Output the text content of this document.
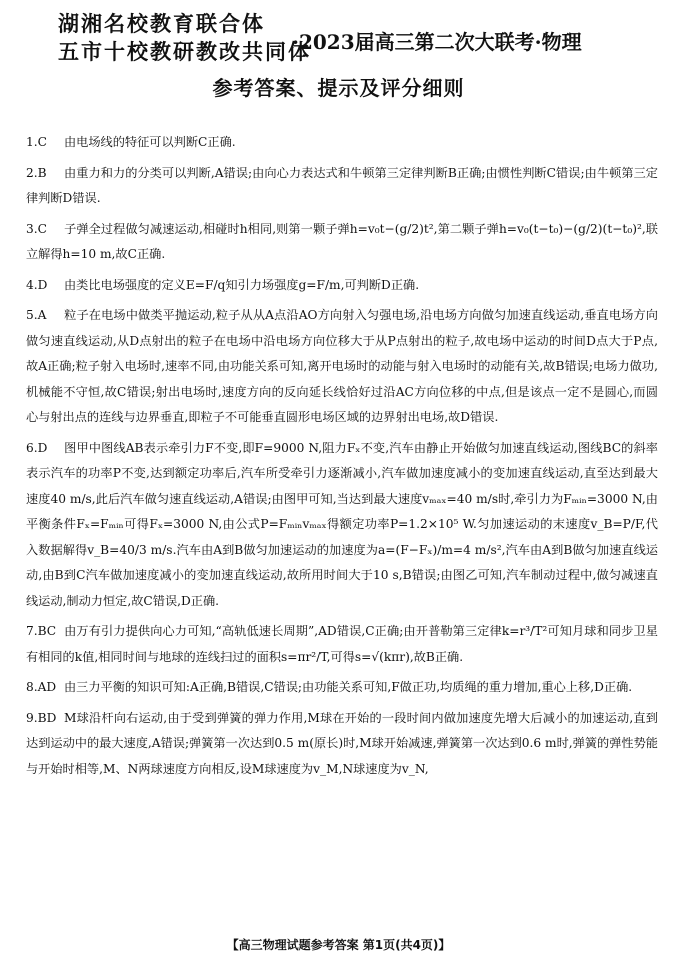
湖湘名校教育联合体
五市十校教研教改共同体
·2023届高三第二次大联考·物理
参考答案、提示及评分细则
1.C 由电场线的特征可以判断C正确.
2.B 由重力和力的分类可以判断,A错误;由向心力表达式和牛顿第三定律判断B正确;由惯性判断C错误;由牛顿第三定律判断D错误.
3.C 子弹全过程做匀减速运动,相碰时h相同,则第一颗子弹h=v₀t−(g/2)t²,第二颗子弹h=v₀(t−t₀)−(g/2)(t−t₀)²,联立解得h=10 m,故C正确.
4.D 由类比电场强度的定义E=F/q知引力场强度g=F/m,可判断D正确.
5.A 粒子在电场中做类平抛运动,粒子从从A点沿AO方向射入匀强电场,沿电场方向做匀加速直线运动,垂直电场方向做匀速直线运动,从D点射出的粒子在电场中沿电场方向位移大于从P点射出的粒子,故电场中运动的时间D点大于P点,故A正确;粒子射入电场时,速率不同,由功能关系可知,离开电场时的动能与射入电场时的动能有关,故B错误;电场力做功,机械能不守恒,故C错误;射出电场时,速度方向的反向延长线恰好过沿AC方向位移的中点,但是该点一定不是圆心,而圆心与射出点的连线与边界垂直,即粒子不可能垂直圆形电场区域的边界射出电场,故D错误.
6.D 图甲中图线AB表示牵引力F不变,即F=9000 N,阻力Fₓ不变,汽车由静止开始做匀加速直线运动,图线BC的斜率表示汽车的功率P不变,达到额定功率后,汽车所受牵引力逐渐减小,汽车做加速度减小的变加速直线运动,直至达到最大速度40 m/s,此后汽车做匀速直线运动,A错误;由图甲可知,当达到最大速度vₘₐₓ=40 m/s时,牵引力为Fₘᵢₙ=3000 N,由平衡条件Fₓ=Fₘᵢₙ可得Fₓ=3000 N,由公式P=Fₘᵢₙvₘₐₓ得额定功率P=1.2×10⁵ W.匀加速运动的末速度v_B=P/F,代入数据解得v_B=40/3 m/s.汽车由A到B做匀加速运动的加速度为a=(F−Fₓ)/m=4 m/s²,汽车由A到B做匀加速直线运动,由B到C汽车做加速度减小的变加速直线运动,故所用时间大于10 s,B错误;由图乙可知,汽车制动过程中,做匀减速直线运动,制动力恒定,故C错误,D正确.
7.BC 由万有引力提供向心力可知,“高轨低速长周期”,AD错误,C正确;由开普勒第三定律k=r³/T²可知月球和同步卫星有相同的k值,相同时间与地球的连线扫过的面积s=πr²/T,可得s=√(kπr),故B正确.
8.AD 由三力平衡的知识可知:A正确,B错误,C错误;由功能关系可知,F做正功,均质绳的重力增加,重心上移,D正确.
9.BD M球沿杆向右运动,由于受到弹簧的弹力作用,M球在开始的一段时间内做加速度先增大后减小的加速运动,直到达到运动中的最大速度,A错误;弹簧第一次达到0.5 m(原长)时,M球开始减速,弹簧第一次达到0.6 m时,弹簧的弹性势能与开始时相等,M、N两球速度方向相反,设M球速度为v_M,N球速度为v_N,
【高三物理试题参考答案 第1页(共4页)】
